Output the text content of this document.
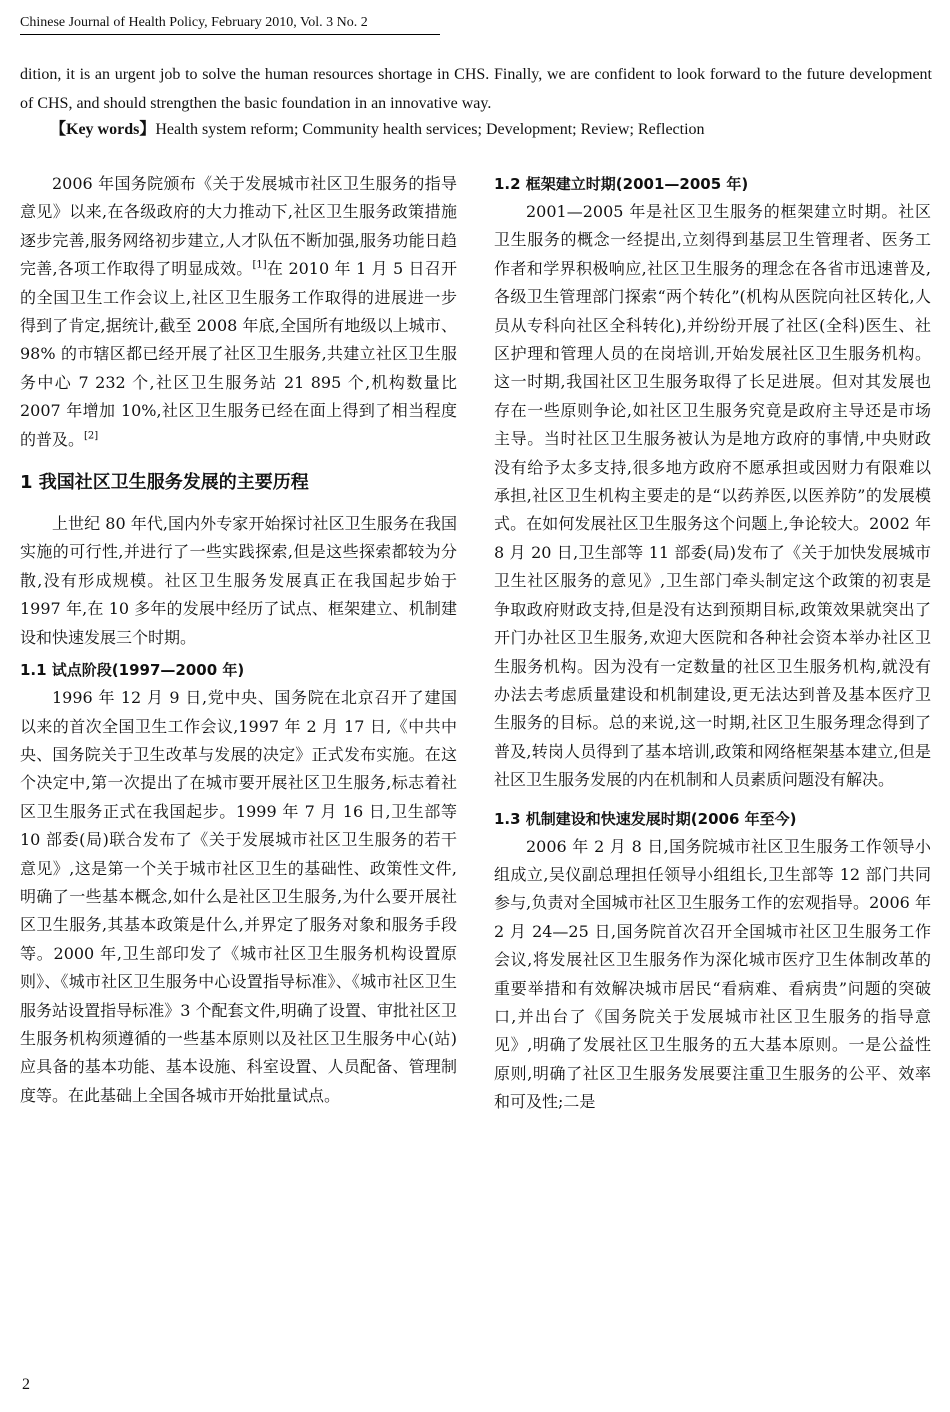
Chinese Journal of Health Policy, February 2010, Vol. 3 No. 2
dition, it is an urgent job to solve the human resources shortage in CHS. Finally, we are confident to look forward to the future development of CHS, and should strengthen the basic foundation in an innovative way.
【Key words】Health system reform; Community health services; Development; Review; Reflection

2006 年国务院颁布《关于发展城市社区卫生服务的指导意见》以来,在各级政府的大力推动下,社区卫生服务政策措施逐步完善,服务网络初步建立,人才队伍不断加强,服务功能日趋完善,各项工作取得了明显成效。[1]在 2010 年 1 月 5 日召开的全国卫生工作会议上,社区卫生服务工作取得的进展进一步得到了肯定,据统计,截至 2008 年底,全国所有地级以上城市、98% 的市辖区都已经开展了社区卫生服务,共建立社区卫生服务中心 7 232 个,社区卫生服务站 21 895 个,机构数量比 2007 年增加 10%,社区卫生服务已经在面上得到了相当程度的普及。[2]

1 我国社区卫生服务发展的主要历程

上世纪 80 年代,国内外专家开始探讨社区卫生服务在我国实施的可行性,并进行了一些实践探索,但是这些探索都较为分散,没有形成规模。社区卫生服务发展真正在我国起步始于 1997 年,在 10 多年的发展中经历了试点、框架建立、机制建设和快速发展三个时期。

1.1 试点阶段(1997—2000 年)

1996 年 12 月 9 日,党中央、国务院在北京召开了建国以来的首次全国卫生工作会议,1997 年 2 月 17 日,《中共中央、国务院关于卫生改革与发展的决定》正式发布实施。在这个决定中,第一次提出了在城市要开展社区卫生服务,标志着社区卫生服务正式在我国起步。1999 年 7 月 16 日,卫生部等 10 部委(局)联合发布了《关于发展城市社区卫生服务的若干意见》,这是第一个关于城市社区卫生的基础性、政策性文件,明确了一些基本概念,如什么是社区卫生服务,为什么要开展社区卫生服务,其基本政策是什么,并界定了服务对象和服务手段等。2000 年,卫生部印发了《城市社区卫生服务机构设置原则》、《城市社区卫生服务中心设置指导标准》、《城市社区卫生服务站设置指导标准》3 个配套文件,明确了设置、审批社区卫生服务机构须遵循的一些基本原则以及社区卫生服务中心(站)应具备的基本功能、基本设施、科室设置、人员配备、管理制度等。在此基础上全国各城市开始批量试点。

1.2 框架建立时期(2001—2005 年)

2001—2005 年是社区卫生服务的框架建立时期。社区卫生服务的概念一经提出,立刻得到基层卫生管理者、医务工作者和学界积极响应,社区卫生服务的理念在各省市迅速普及,各级卫生管理部门探索“两个转化”(机构从医院向社区转化,人员从专科向社区全科转化),并纷纷开展了社区(全科)医生、社区护理和管理人员的在岗培训,开始发展社区卫生服务机构。这一时期,我国社区卫生服务取得了长足进展。但对其发展也存在一些原则争论,如社区卫生服务究竟是政府主导还是市场主导。当时社区卫生服务被认为是地方政府的事情,中央财政没有给予太多支持,很多地方政府不愿承担或因财力有限难以承担,社区卫生机构主要走的是“以药养医,以医养防”的发展模式。在如何发展社区卫生服务这个问题上,争论较大。2002 年 8 月 20 日,卫生部等 11 部委(局)发布了《关于加快发展城市卫生社区服务的意见》,卫生部门牵头制定这个政策的初衷是争取政府财政支持,但是没有达到预期目标,政策效果就突出了开门办社区卫生服务,欢迎大医院和各种社会资本举办社区卫生服务机构。因为没有一定数量的社区卫生服务机构,就没有办法去考虑质量建设和机制建设,更无法达到普及基本医疗卫生服务的目标。总的来说,这一时期,社区卫生服务理念得到了普及,转岗人员得到了基本培训,政策和网络框架基本建立,但是社区卫生服务发展的内在机制和人员素质问题没有解决。

1.3 机制建设和快速发展时期(2006 年至今)

2006 年 2 月 8 日,国务院城市社区卫生服务工作领导小组成立,吴仪副总理担任领导小组组长,卫生部等 12 部门共同参与,负责对全国城市社区卫生服务工作的宏观指导。2006 年 2 月 24—25 日,国务院首次召开全国城市社区卫生服务工作会议,将发展社区卫生服务作为深化城市医疗卫生体制改革的重要举措和有效解决城市居民“看病难、看病贵”问题的突破口,并出台了《国务院关于发展城市社区卫生服务的指导意见》,明确了发展社区卫生服务的五大基本原则。一是公益性原则,明确了社区卫生服务发展要注重卫生服务的公平、效率和可及性;二是

2
